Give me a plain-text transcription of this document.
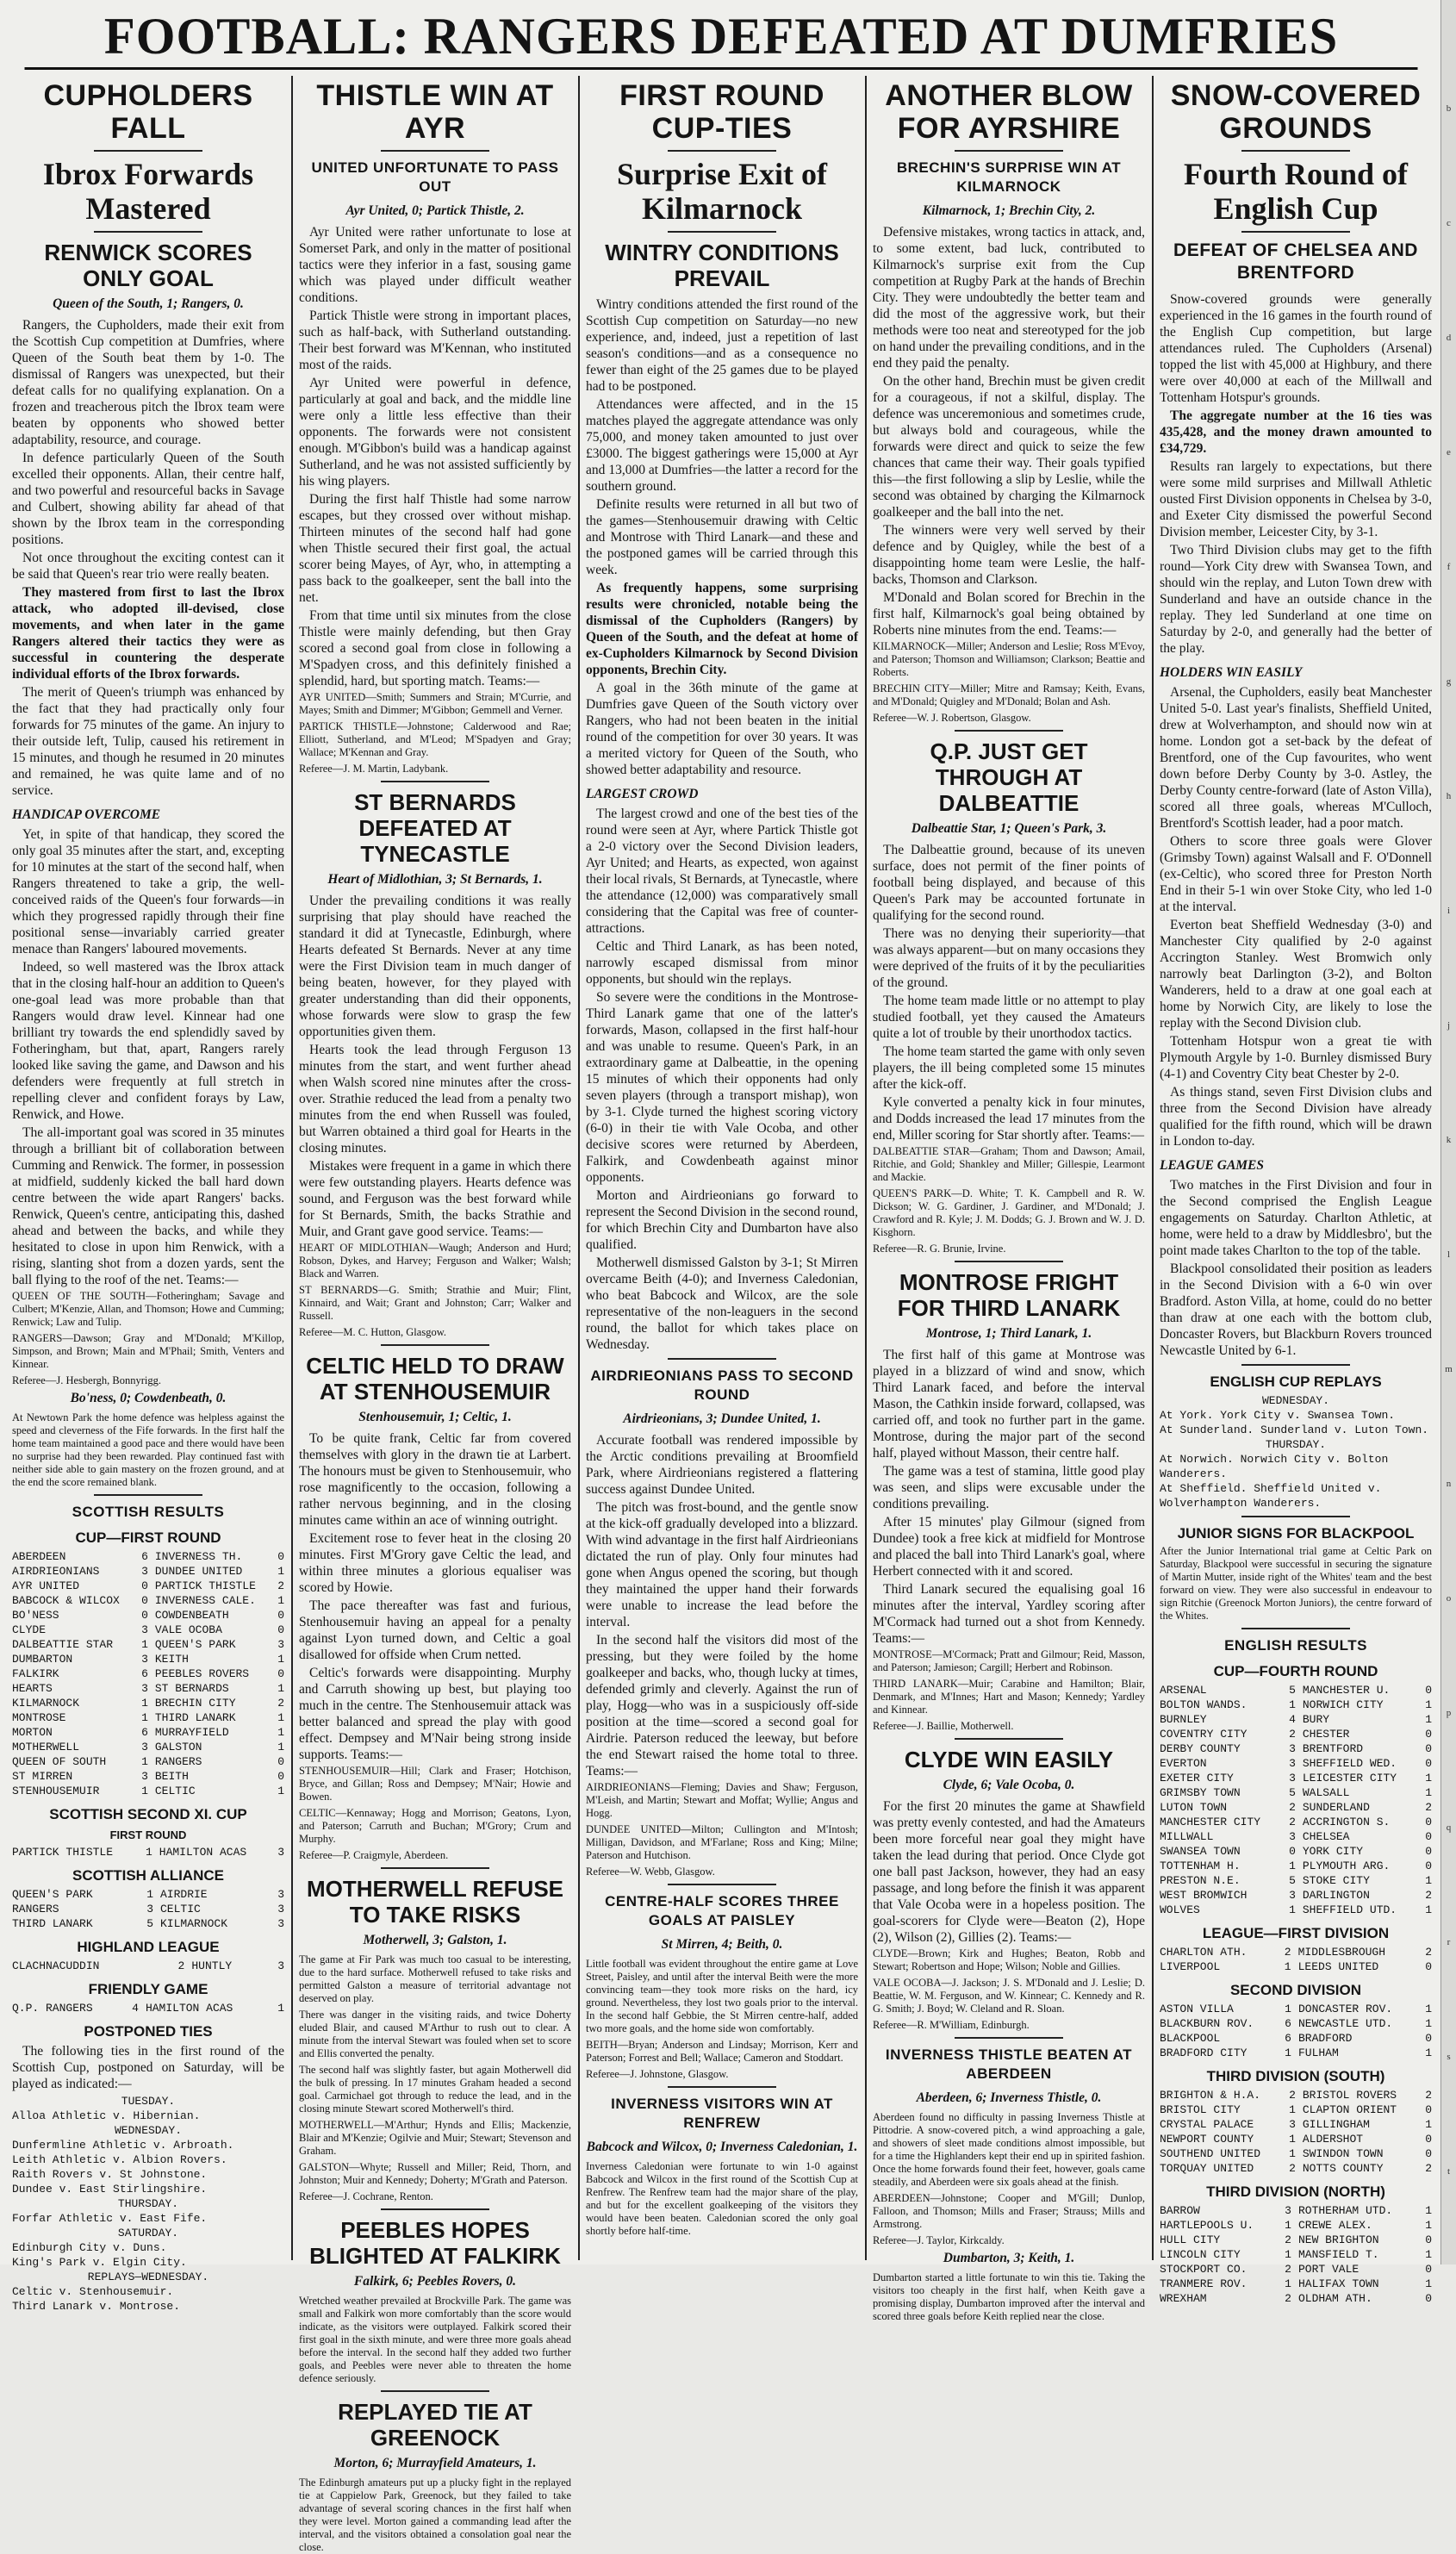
FOOTBALL: RANGERS DEFEATED AT DUMFRIES
CUPHOLDERS FALL
Ibrox Forwards Mastered
RENWICK SCORES ONLY GOAL
Queen of the South, 1; Rangers, 0.

Rangers, the Cupholders, made their exit from the Scottish Cup competition at Dumfries, where Queen of the South beat them by 1-0. The dismissal of Rangers was unexpected, but their defeat calls for no qualifying explanation. On a frozen and treacherous pitch the Ibrox team were beaten by opponents who showed better adaptability, resource, and courage.

In defence particularly Queen of the South excelled their opponents. Allan, their centre half, and two powerful and resourceful backs in Savage and Culbert, showing ability far ahead of that shown by the Ibrox team in the corresponding positions.

Not once throughout the exciting contest can it be said that Queen's rear trio were really beaten.

They mastered from first to last the Ibrox attack, who adopted ill-devised, close movements, and when later in the game Rangers altered their tactics they were as successful in countering the desperate individual efforts of the Ibrox forwards.

The merit of Queen's triumph was enhanced by the fact that they had practically only four forwards for 75 minutes of the game. An injury to their outside left, Tulip, caused his retirement in 15 minutes, and though he resumed in 20 minutes and remained, he was quite lame and of no service.

HANDICAP OVERCOME

Yet, in spite of that handicap, they scored the only goal 35 minutes after the start, and, excepting for 10 minutes at the start of the second half, when Rangers threatened to take a grip, the well-conceived raids of the Queen's four forwards—in which they progressed rapidly through their fine positional sense—invariably carried greater menace than Rangers' laboured movements.

Indeed, so well mastered was the Ibrox attack that in the closing half-hour an addition to Queen's one-goal lead was more probable than that Rangers would draw level. Kinnear had one brilliant try towards the end splendidly saved by Fotheringham, but that, apart, Rangers rarely looked like saving the game, and Dawson and his defenders were frequently at full stretch in repelling clever and confident forays by Law, Renwick, and Howe.

The all-important goal was scored in 35 minutes through a brilliant bit of collaboration between Cumming and Renwick. The former, in possession at midfield, suddenly kicked the ball hard down centre between the wide apart Rangers' backs. Renwick, Queen's centre, anticipating this, dashed ahead and between the backs, and while they hesitated to close in upon him Renwick, with a rising, slanting shot from a dozen yards, sent the ball flying to the roof of the net. Teams:—

QUEEN OF THE SOUTH—Fotheringham; Savage and Culbert; M'Kenzie, Allan, and Thomson; Howe and Cumming; Renwick; Law and Tulip.
RANGERS—Dawson; Gray and M'Donald; M'Killop, Simpson, and Brown; Main and M'Phail; Smith, Venters and Kinnear.
Referee—J. Hesbergh, Bonnyrigg.
Bo'ness, 0; Cowdenbeath, 0.
At Newtown Park the home defence was helpless against the speed and cleverness of the Fife forwards. In the first half the home team maintained a good pace and there would have been no surprise had they been rewarded. Play continued fast with neither side able to gain mastery on the frozen ground, and at the end the score remained blank.
SCOTTISH RESULTS
CUP—FIRST ROUND
ABERDEEN	6	INVERNESS TH.	0
AIRDRIEONIANS	3	DUNDEE UNITED	1
AYR UNITED	0	PARTICK THISTLE	2
BABCOCK & WILCOX	0	INVERNESS CALE.	1
BO'NESS	0	COWDENBEATH	0
CLYDE	3	VALE OCOBA	0
DALBEATTIE STAR	1	QUEEN'S PARK	3
DUMBARTON	3	KEITH	1
FALKIRK	6	PEEBLES ROVERS	0
HEARTS	3	ST BERNARDS	1
KILMARNOCK	1	BRECHIN CITY	2
MONTROSE	1	THIRD LANARK	1
MORTON	6	MURRAYFIELD	1
MOTHERWELL	3	GALSTON	1
QUEEN OF SOUTH	1	RANGERS	0
ST MIRREN	3	BEITH	0
STENHOUSEMUIR	1	CELTIC	1
SCOTTISH SECOND XI. CUP
FIRST ROUND
PARTICK THISTLE	1	HAMILTON ACAS	3
SCOTTISH ALLIANCE
QUEEN'S PARK	1	AIRDRIE	3
RANGERS	3	CELTIC	3
THIRD LANARK	5	KILMARNOCK	3
HIGHLAND LEAGUE
CLACHNACUDDIN	2	HUNTLY	3
FRIENDLY GAME
Q.P. RANGERS	4	HAMILTON ACAS	1
POSTPONED TIES

The following ties in the first round of the Scottish Cup, postponed on Saturday, will be played as indicated:—

TUESDAY.
Alloa Athletic v. Hibernian.
WEDNESDAY.
Dunfermline Athletic v. Arbroath.
Leith Athletic v. Albion Rovers.
Raith Rovers v. St Johnstone.
Dundee v. East Stirlingshire.
THURSDAY.
Forfar Athletic v. East Fife.
SATURDAY.
Edinburgh City v. Duns.
King's Park v. Elgin City.
REPLAYS—WEDNESDAY.
Celtic v. Stenhousemuir.
Third Lanark v. Montrose.
THISTLE WIN AT AYR
UNITED UNFORTUNATE TO PASS OUT
Ayr United, 0; Partick Thistle, 2.

Ayr United were rather unfortunate to lose at Somerset Park, and only in the matter of positional tactics were they inferior in a fast, sousing game which was played under difficult weather conditions.

Partick Thistle were strong in important places, such as half-back, with Sutherland outstanding. Their best forward was M'Kennan, who instituted most of the raids.

Ayr United were powerful in defence, particularly at goal and back, and the middle line were only a little less effective than their opponents. The forwards were not consistent enough. M'Gibbon's build was a handicap against Sutherland, and he was not assisted sufficiently by his wing players.

During the first half Thistle had some narrow escapes, but they crossed over without mishap. Thirteen minutes of the second half had gone when Thistle secured their first goal, the actual scorer being Mayes, of Ayr, who, in attempting a pass back to the goalkeeper, sent the ball into the net.

From that time until six minutes from the close Thistle were mainly defending, but then Gray scored a second goal from close in following a M'Spadyen cross, and this definitely finished a splendid, hard, but sporting match. Teams:—

AYR UNITED—Smith; Summers and Strain; M'Currie, and Mayes; Smith and Dimmer; M'Gibbon; Gemmell and Verner.
PARTICK THISTLE—Johnstone; Calderwood and Rae; Elliott, Sutherland, and M'Leod; M'Spadyen and Gray; Wallace; M'Kennan and Gray.
Referee—J. M. Martin, Ladybank.
ST BERNARDS DEFEATED AT TYNECASTLE
Heart of Midlothian, 3; St Bernards, 1.

Under the prevailing conditions it was really surprising that play should have reached the standard it did at Tynecastle, Edinburgh, where Hearts defeated St Bernards. Never at any time were the First Division team in much danger of being beaten, however, for they played with greater understanding than did their opponents, whose forwards were slow to grasp the few opportunities given them.

Hearts took the lead through Ferguson 13 minutes from the start, and went further ahead when Walsh scored nine minutes after the cross-over. Strathie reduced the lead from a penalty two minutes from the end when Russell was fouled, but Warren obtained a third goal for Hearts in the closing minutes.

Mistakes were frequent in a game in which there were few outstanding players. Hearts defence was sound, and Ferguson was the best forward while for St Bernards, Smith, the backs Strathie and Muir, and Grant gave good service. Teams:—

HEART OF MIDLOTHIAN—Waugh; Anderson and Hurd; Robson, Dykes, and Harvey; Ferguson and Walker; Walsh; Black and Warren.
ST BERNARDS—G. Smith; Strathie and Muir; Flint, Kinnaird, and Wait; Grant and Johnston; Carr; Walker and Russell.
Referee—M. C. Hutton, Glasgow.
CELTIC HELD TO DRAW AT STENHOUSEMUIR
Stenhousemuir, 1; Celtic, 1.

To be quite frank, Celtic far from covered themselves with glory in the drawn tie at Larbert. The honours must be given to Stenhousemuir, who rose magnificently to the occasion, following a rather nervous beginning, and in the closing minutes came within an ace of winning outright.

Excitement rose to fever heat in the closing 20 minutes. First M'Grory gave Celtic the lead, and within three minutes a glorious equaliser was scored by Howie.

The pace thereafter was fast and furious, Stenhousemuir having an appeal for a penalty against Lyon turned down, and Celtic a goal disallowed for offside when Crum netted.

Celtic's forwards were disappointing. Murphy and Carruth showing up best, but playing too much in the centre. The Stenhousemuir attack was better balanced and spread the play with good effect. Dempsey and M'Nair being strong inside supports. Teams:—

STENHOUSEMUIR—Hill; Clark and Fraser; Hotchison, Bryce, and Gillan; Ross and Dempsey; M'Nair; Howie and Bowen.
CELTIC—Kennaway; Hogg and Morrison; Geatons, Lyon, and Paterson; Carruth and Buchan; M'Grory; Crum and Murphy.
Referee—P. Craigmyle, Aberdeen.
MOTHERWELL REFUSE TO TAKE RISKS
Motherwell, 3; Galston, 1.
The game at Fir Park was much too casual to be interesting, due to the hard surface. Motherwell refused to take risks and permitted Galston a measure of territorial advantage not deserved on play.
There was danger in the visiting raids, and twice Doherty eluded Blair, and caused M'Arthur to rush out to clear. A minute from the interval Stewart was fouled when set to score and Ellis converted the penalty.
The second half was slightly faster, but again Motherwell did the bulk of pressing. In 17 minutes Graham headed a second goal. Carmichael got through to reduce the lead, and in the closing minute Stewart scored Motherwell's third.
MOTHERWELL—M'Arthur; Hynds and Ellis; Mackenzie, Blair and M'Kenzie; Ogilvie and Muir; Stewart; Stevenson and Graham.
GALSTON—Whyte; Russell and Miller; Reid, Thorn, and Johnston; Muir and Kennedy; Doherty; M'Grath and Paterson.
Referee—J. Cochrane, Renton.
PEEBLES HOPES BLIGHTED AT FALKIRK
Falkirk, 6; Peebles Rovers, 0.
Wretched weather prevailed at Brockville Park. The game was small and Falkirk won more comfortably than the score would indicate, as the visitors were outplayed. Falkirk scored their first goal in the sixth minute, and were three more goals ahead before the interval. In the second half they added two further goals, and Peebles were never able to threaten the home defence seriously.
REPLAYED TIE AT GREENOCK
Morton, 6; Murrayfield Amateurs, 1.
The Edinburgh amateurs put up a plucky fight in the replayed tie at Cappielow Park, Greenock, but they failed to take advantage of several scoring chances in the first half when they were level. Morton gained a commanding lead after the interval, and the visitors obtained a consolation goal near the close.
FIRST ROUND CUP-TIES
Surprise Exit of Kilmarnock
WINTRY CONDITIONS PREVAIL

Wintry conditions attended the first round of the Scottish Cup competition on Saturday—no new experience, and, indeed, just a repetition of last season's conditions—and as a consequence no fewer than eight of the 25 games due to be played had to be postponed.

Attendances were affected, and in the 15 matches played the aggregate attendance was only 75,000, and money taken amounted to just over £3000. The biggest gatherings were 15,000 at Ayr and 13,000 at Dumfries—the latter a record for the southern ground.

Definite results were returned in all but two of the games—Stenhousemuir drawing with Celtic and Montrose with Third Lanark—and these and the postponed games will be carried through this week.

As frequently happens, some surprising results were chronicled, notable being the dismissal of the Cupholders (Rangers) by Queen of the South, and the defeat at home of ex-Cupholders Kilmarnock by Second Division opponents, Brechin City.

A goal in the 36th minute of the game at Dumfries gave Queen of the South victory over Rangers, who had not been beaten in the initial round of the competition for over 30 years. It was a merited victory for Queen of the South, who showed better adaptability and resource.

LARGEST CROWD

The largest crowd and one of the best ties of the round were seen at Ayr, where Partick Thistle got a 2-0 victory over the Second Division leaders, Ayr United; and Hearts, as expected, won against their local rivals, St Bernards, at Tynecastle, where the attendance (12,000) was comparatively small considering that the Capital was free of counter-attractions.

Celtic and Third Lanark, as has been noted, narrowly escaped dismissal from minor opponents, but should win the replays.

So severe were the conditions in the Montrose-Third Lanark game that one of the latter's forwards, Mason, collapsed in the first half-hour and was unable to resume. Queen's Park, in an extraordinary game at Dalbeattie, in the opening 15 minutes of which their opponents had only seven players (through a transport mishap), won by 3-1. Clyde turned the highest scoring victory (6-0) in their tie with Vale Ocoba, and other decisive scores were returned by Aberdeen, Falkirk, and Cowdenbeath against minor opponents.

Morton and Airdrieonians go forward to represent the Second Division in the second round, for which Brechin City and Dumbarton have also qualified.

Motherwell dismissed Galston by 3-1; St Mirren overcame Beith (4-0); and Inverness Caledonian, who beat Babcock and Wilcox, are the sole representative of the non-leaguers in the second round, the ballot for which takes place on Wednesday.

AIRDRIEONIANS PASS TO SECOND ROUND
Airdrieonians, 3; Dundee United, 1.

Accurate football was rendered impossible by the Arctic conditions prevailing at Broomfield Park, where Airdrieonians registered a flattering success against Dundee United.

The pitch was frost-bound, and the gentle snow at the kick-off gradually developed into a blizzard. With wind advantage in the first half Airdrieonians dictated the run of play. Only four minutes had gone when Angus opened the scoring, but though they maintained the upper hand their forwards were unable to increase the lead before the interval.

In the second half the visitors did most of the pressing, but they were foiled by the home goalkeeper and backs, who, though lucky at times, defended grimly and cleverly. Against the run of play, Hogg—who was in a suspiciously off-side position at the time—scored a second goal for Airdrie. Paterson reduced the leeway, but before the end Stewart raised the home total to three. Teams:—

AIRDRIEONIANS—Fleming; Davies and Shaw; Ferguson, M'Leish, and Martin; Stewart and Moffat; Wyllie; Angus and Hogg.
DUNDEE UNITED—Milton; Cullington and M'Intosh; Milligan, Davidson, and M'Farlane; Ross and King; Milne; Paterson and Hutchison.
Referee—W. Webb, Glasgow.
CENTRE-HALF SCORES THREE GOALS AT PAISLEY
St Mirren, 4; Beith, 0.
Little football was evident throughout the entire game at Love Street, Paisley, and until after the interval Beith were the more convincing team—they took more risks on the hard, icy ground. Nevertheless, they lost two goals prior to the interval. In the second half Gebbie, the St Mirren centre-half, added two more goals, and the home side won comfortably.
BEITH—Bryan; Anderson and Lindsay; Morrison, Kerr and Paterson; Forrest and Bell; Wallace; Cameron and Stoddart.
Referee—J. Johnstone, Glasgow.
INVERNESS VISITORS WIN AT RENFREW
Babcock and Wilcox, 0; Inverness Caledonian, 1.
Inverness Caledonian were fortunate to win 1-0 against Babcock and Wilcox in the first round of the Scottish Cup at Renfrew. The Renfrew team had the major share of the play, and but for the excellent goalkeeping of the visitors they would have been beaten. Caledonian scored the only goal shortly before half-time.
ANOTHER BLOW FOR AYRSHIRE
BRECHIN'S SURPRISE WIN AT KILMARNOCK
Kilmarnock, 1; Brechin City, 2.

Defensive mistakes, wrong tactics in attack, and, to some extent, bad luck, contributed to Kilmarnock's surprise exit from the Cup competition at Rugby Park at the hands of Brechin City. They were undoubtedly the better team and did the most of the aggressive work, but their methods were too neat and stereotyped for the job on hand under the prevailing conditions, and in the end they paid the penalty.

On the other hand, Brechin must be given credit for a courageous, if not a skilful, display. The defence was unceremonious and sometimes crude, but always bold and courageous, while the forwards were direct and quick to seize the few chances that came their way. Their goals typified this—the first following a slip by Leslie, while the second was obtained by charging the Kilmarnock goalkeeper and the ball into the net.

The winners were very well served by their defence and by Quigley, while the best of a disappointing home team were Leslie, the half-backs, Thomson and Clarkson.

M'Donald and Bolan scored for Brechin in the first half, Kilmarnock's goal being obtained by Roberts nine minutes from the end. Teams:—

KILMARNOCK—Miller; Anderson and Leslie; Ross M'Evoy, and Paterson; Thomson and Williamson; Clarkson; Beattie and Roberts.
BRECHIN CITY—Miller; Mitre and Ramsay; Keith, Evans, and M'Donald; Quigley and M'Donald; Bolan and Ash.
Referee—W. J. Robertson, Glasgow.
Q.P. JUST GET THROUGH AT DALBEATTIE
Dalbeattie Star, 1; Queen's Park, 3.

The Dalbeattie ground, because of its uneven surface, does not permit of the finer points of football being displayed, and because of this Queen's Park may be accounted fortunate in qualifying for the second round.

There was no denying their superiority—that was always apparent—but on many occasions they were deprived of the fruits of it by the peculiarities of the ground.

The home team made little or no attempt to play studied football, yet they caused the Amateurs quite a lot of trouble by their unorthodox tactics.

The home team started the game with only seven players, the ill being completed some 15 minutes after the kick-off.

Kyle converted a penalty kick in four minutes, and Dodds increased the lead 17 minutes from the end, Miller scoring for Star shortly after. Teams:—

DALBEATTIE STAR—Graham; Thom and Dawson; Amail, Ritchie, and Gold; Shankley and Miller; Gillespie, Learmont and Mackie.
QUEEN'S PARK—D. White; T. K. Campbell and R. W. Dickson; W. G. Gardiner, J. Gardiner, and M'Donald; J. Crawford and R. Kyle; J. M. Dodds; G. J. Brown and W. J. D. Kisghorn.
Referee—R. G. Brunie, Irvine.
MONTROSE FRIGHT FOR THIRD LANARK
Montrose, 1; Third Lanark, 1.

The first half of this game at Montrose was played in a blizzard of wind and snow, which Third Lanark faced, and before the interval Mason, the Cathkin inside forward, collapsed, was carried off, and took no further part in the game. Montrose, during the major part of the second half, played without Masson, their centre half.

The game was a test of stamina, little good play was seen, and slips were excusable under the conditions prevailing.

After 15 minutes' play Gilmour (signed from Dundee) took a free kick at midfield for Montrose and placed the ball into Third Lanark's goal, where Herbert connected with it and scored.

Third Lanark secured the equalising goal 16 minutes after the interval, Yardley scoring after M'Cormack had turned out a shot from Kennedy. Teams:—

MONTROSE—M'Cormack; Pratt and Gilmour; Reid, Masson, and Paterson; Jamieson; Cargill; Herbert and Robinson.
THIRD LANARK—Muir; Carabine and Hamilton; Blair, Denmark, and M'Innes; Hart and Mason; Kennedy; Yardley and Kinnear.
Referee—J. Baillie, Motherwell.
CLYDE WIN EASILY
Clyde, 6; Vale Ocoba, 0.

For the first 20 minutes the game at Shawfield was pretty evenly contested, and had the Amateurs been more forceful near goal they might have taken the lead during that period. Once Clyde got one ball past Jackson, however, they had an easy passage, and long before the finish it was apparent that Vale Ocoba were in a hopeless position. The goal-scorers for Clyde were—Beaton (2), Hope (2), Wilson (2), Gillies (2). Teams:—

CLYDE—Brown; Kirk and Hughes; Beaton, Robb and Stewart; Robertson and Hope; Wilson; Noble and Gillies.
VALE OCOBA—J. Jackson; J. S. M'Donald and J. Leslie; D. Beattie, W. M. Ferguson, and W. Kinnear; C. Kennedy and R. G. Smith; J. Boyd; W. Cleland and R. Sloan.
Referee—R. M'William, Edinburgh.
INVERNESS THISTLE BEATEN AT ABERDEEN
Aberdeen, 6; Inverness Thistle, 0.
Aberdeen found no difficulty in passing Inverness Thistle at Pittodrie. A snow-covered pitch, a wind approaching a gale, and showers of sleet made conditions almost impossible, but for a time the Highlanders kept their end up in spirited fashion. Once the home forwards found their feet, however, goals came steadily, and Aberdeen were six goals ahead at the finish.
ABERDEEN—Johnstone; Cooper and M'Gill; Dunlop, Falloon, and Thomson; Mills and Fraser; Strauss; Mills and Armstrong.
Referee—J. Taylor, Kirkcaldy.
Dumbarton, 3; Keith, 1.
Dumbarton started a little fortunate to win this tie. Taking the visitors too cheaply in the first half, when Keith gave a promising display, Dumbarton improved after the interval and scored three goals before Keith replied near the close.
SNOW-COVERED GROUNDS
Fourth Round of English Cup
DEFEAT OF CHELSEA AND BRENTFORD

Snow-covered grounds were generally experienced in the 16 games in the fourth round of the English Cup competition, but large attendances ruled. The Cupholders (Arsenal) topped the list with 45,000 at Highbury, and there were over 40,000 at each of the Millwall and Tottenham Hotspur's grounds.

The aggregate number at the 16 ties was 435,428, and the money drawn amounted to £34,729.

Results ran largely to expectations, but there were some mild surprises and Millwall Athletic ousted First Division opponents in Chelsea by 3-0, and Exeter City dismissed the powerful Second Division member, Leicester City, by 3-1.

Two Third Division clubs may get to the fifth round—York City drew with Swansea Town, and should win the replay, and Luton Town drew with Sunderland and have an outside chance in the replay. They led Sunderland at one time on Saturday by 2-0, and generally had the better of the play.

HOLDERS WIN EASILY

Arsenal, the Cupholders, easily beat Manchester United 5-0. Last year's finalists, Sheffield United, drew at Wolverhampton, and should now win at home. London got a set-back by the defeat of Brentford, one of the Cup favourites, who went down before Derby County by 3-0. Astley, the Derby County centre-forward (late of Aston Villa), scored all three goals, whereas M'Culloch, Brentford's Scottish leader, had a poor match.

Others to score three goals were Glover (Grimsby Town) against Walsall and F. O'Donnell (ex-Celtic), who scored three for Preston North End in their 5-1 win over Stoke City, who led 1-0 at the interval.

Everton beat Sheffield Wednesday (3-0) and Manchester City qualified by 2-0 against Accrington Stanley. West Bromwich only narrowly beat Darlington (3-2), and Bolton Wanderers, held to a draw at one goal each at home by Norwich City, are likely to lose the replay with the Second Division club.

Tottenham Hotspur won a great tie with Plymouth Argyle by 1-0. Burnley dismissed Bury (4-1) and Coventry City beat Chester by 2-0.

As things stand, seven First Division clubs and three from the Second Division have already qualified for the fifth round, which will be drawn in London to-day.

LEAGUE GAMES

Two matches in the First Division and four in the Second comprised the English League engagements on Saturday. Charlton Athletic, at home, were held to a draw by Middlesbro', but the point made takes Charlton to the top of the table.

Blackpool consolidated their position as leaders in the Second Division with a 6-0 win over Bradford. Aston Villa, at home, could do no better than draw at one each with the bottom club, Doncaster Rovers, but Blackburn Rovers trounced Newcastle United by 6-1.

ENGLISH CUP REPLAYS
WEDNESDAY.
At York. York City v. Swansea Town.
At Sunderland. Sunderland v. Luton Town.
THURSDAY.
At Norwich. Norwich City v. Bolton Wanderers.
At Sheffield. Sheffield United v. Wolverhampton Wanderers.
JUNIOR SIGNS FOR BLACKPOOL
After the Junior International trial game at Celtic Park on Saturday, Blackpool were successful in securing the signature of Martin Mutter, inside right of the Whites' team and the best forward on view. They were also successful in endeavour to sign Ritchie (Greenock Morton Juniors), the centre forward of the Whites.
ENGLISH RESULTS
CUP—FOURTH ROUND
ARSENAL	5	MANCHESTER U.	0
BOLTON WANDS.	1	NORWICH CITY	1
BURNLEY	4	BURY	1
COVENTRY CITY	2	CHESTER	0
DERBY COUNTY	3	BRENTFORD	0
EVERTON	3	SHEFFIELD WED.	0
EXETER CITY	3	LEICESTER CITY	1
GRIMSBY TOWN	5	WALSALL	1
LUTON TOWN	2	SUNDERLAND	2
MANCHESTER CITY	2	ACCRINGTON S.	0
MILLWALL	3	CHELSEA	0
SWANSEA TOWN	0	YORK CITY	0
TOTTENHAM H.	1	PLYMOUTH ARG.	0
PRESTON N.E.	5	STOKE CITY	1
WEST BROMWICH	3	DARLINGTON	2
WOLVES	1	SHEFFIELD UTD.	1
LEAGUE—FIRST DIVISION
CHARLTON ATH.	2	MIDDLESBROUGH	2
LIVERPOOL	1	LEEDS UNITED	0
SECOND DIVISION
ASTON VILLA	1	DONCASTER ROV.	1
BLACKBURN ROV.	6	NEWCASTLE UTD.	1
BLACKPOOL	6	BRADFORD	0
BRADFORD CITY	1	FULHAM	1
THIRD DIVISION (SOUTH)
BRIGHTON & H.A.	2	BRISTOL ROVERS	2
BRISTOL CITY	1	CLAPTON ORIENT	0
CRYSTAL PALACE	3	GILLINGHAM	1
NEWPORT COUNTY	1	ALDERSHOT	0
SOUTHEND UNITED	1	SWINDON TOWN	0
TORQUAY UNITED	2	NOTTS COUNTY	2
THIRD DIVISION (NORTH)
BARROW	3	ROTHERHAM UTD.	1
HARTLEPOOLS U.	1	CREWE ALEX.	1
HULL CITY	2	NEW BRIGHTON	0
LINCOLN CITY	1	MANSFIELD T.	1
STOCKPORT CO.	2	PORT VALE	0
TRANMERE ROV.	1	HALIFAX TOWN	1
WREXHAM	2	OLDHAM ATH.	0
b
c
d
e
f
g
h
i
j
k
l
m
n
o
p
q
r
s
t
